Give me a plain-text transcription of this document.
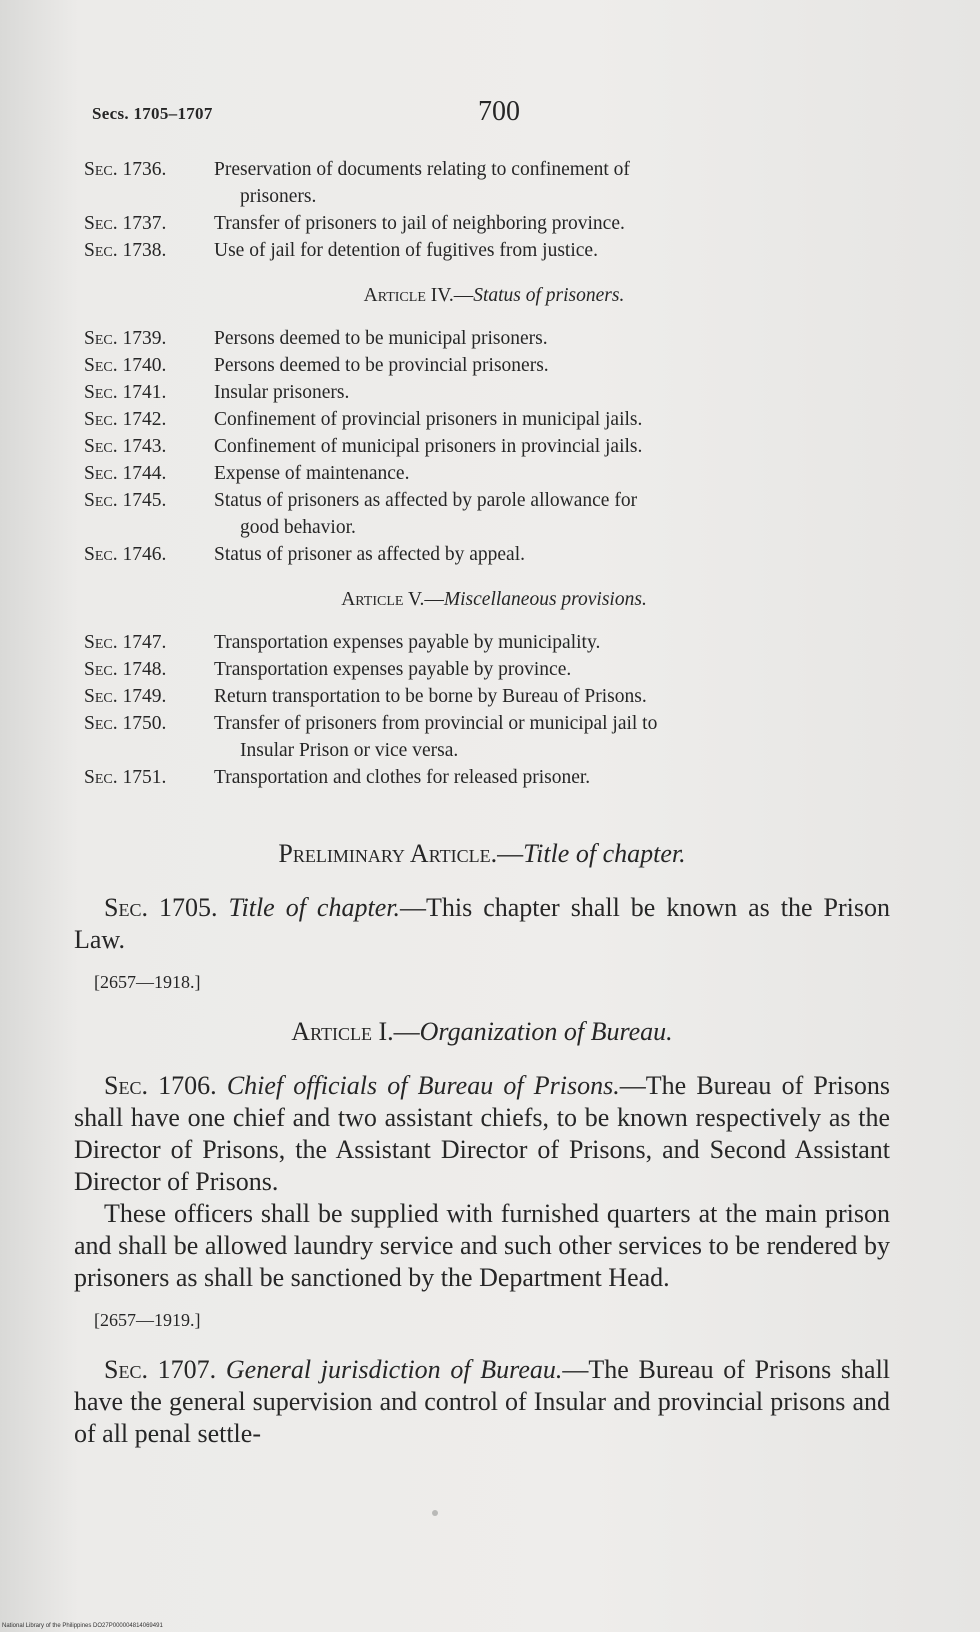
Secs. 1705–1707	700
Sec. 1736.	Preservation of documents relating to confinement of
prisoners.
Sec. 1737.	Transfer of prisoners to jail of neighboring province.
Sec. 1738.	Use of jail for detention of fugitives from justice.
Article IV.—Status of prisoners.
Sec. 1739.	Persons deemed to be municipal prisoners.
Sec. 1740.	Persons deemed to be provincial prisoners.
Sec. 1741.	Insular prisoners.
Sec. 1742.	Confinement of provincial prisoners in municipal jails.
Sec. 1743.	Confinement of municipal prisoners in provincial jails.
Sec. 1744.	Expense of maintenance.
Sec. 1745.	Status of prisoners as affected by parole allowance for
good behavior.
Sec. 1746.	Status of prisoner as affected by appeal.
Article V.—Miscellaneous provisions.
Sec. 1747.	Transportation expenses payable by municipality.
Sec. 1748.	Transportation expenses payable by province.
Sec. 1749.	Return transportation to be borne by Bureau of Prisons.
Sec. 1750.	Transfer of prisoners from provincial or municipal jail to
Insular Prison or vice versa.
Sec. 1751.	Transportation and clothes for released prisoner.
Preliminary Article.—Title of chapter.

Sec. 1705. Title of chapter.—This chapter shall be known as the Prison Law.

[2657—1918.]
Article I.—Organization of Bureau.

Sec. 1706. Chief officials of Bureau of Prisons.—The Bureau of Prisons shall have one chief and two assistant chiefs, to be known respectively as the Director of Prisons, the Assistant Director of Prisons, and Second Assistant Director of Prisons.

These officers shall be supplied with furnished quarters at the main prison and shall be allowed laundry service and such other services to be rendered by prisoners as shall be sanctioned by the Department Head.

[2657—1919.]

Sec. 1707. General jurisdiction of Bureau.—The Bureau of Prisons shall have the general supervision and control of Insular and provincial prisons and of all penal settle-

National Library of the Philippines DO27P000004814069491
